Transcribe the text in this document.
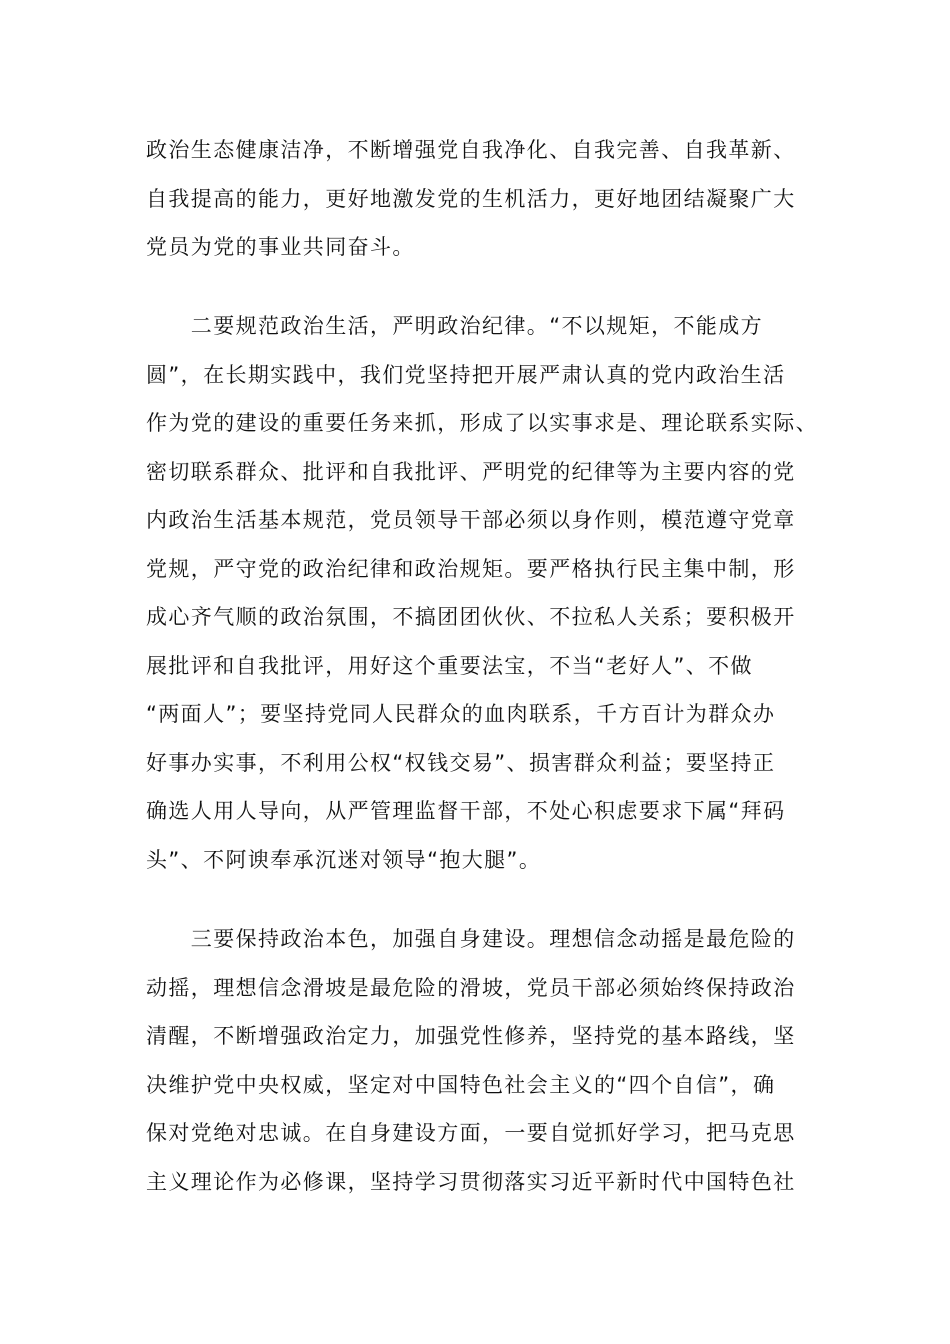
政治生态健康洁净，不断增强党自我净化、自我完善、自我革新、
自我提高的能力，更好地激发党的生机活力，更好地团结凝聚广大
党员为党的事业共同奋斗。
　　二要规范政治生活，严明政治纪律。“不以规矩，不能成方
圆”，在长期实践中，我们党坚持把开展严肃认真的党内政治生活
作为党的建设的重要任务来抓，形成了以实事求是、理论联系实际、
密切联系群众、批评和自我批评、严明党的纪律等为主要内容的党
内政治生活基本规范，党员领导干部必须以身作则，模范遵守党章
党规，严守党的政治纪律和政治规矩。要严格执行民主集中制，形
成心齐气顺的政治氛围，不搞团团伙伙、不拉私人关系；要积极开
展批评和自我批评，用好这个重要法宝，不当“老好人”、不做
“两面人”；要坚持党同人民群众的血肉联系，千方百计为群众办
好事办实事，不利用公权“权钱交易”、损害群众利益；要坚持正
确选人用人导向，从严管理监督干部，不处心积虑要求下属“拜码
头”、不阿谀奉承沉迷对领导“抱大腿”。
　　三要保持政治本色，加强自身建设。理想信念动摇是最危险的
动摇，理想信念滑坡是最危险的滑坡，党员干部必须始终保持政治
清醒，不断增强政治定力，加强党性修养，坚持党的基本路线，坚
决维护党中央权威，坚定对中国特色社会主义的“四个自信”，确
保对党绝对忠诚。在自身建设方面，一要自觉抓好学习，把马克思
主义理论作为必修课，坚持学习贯彻落实习近平新时代中国特色社
